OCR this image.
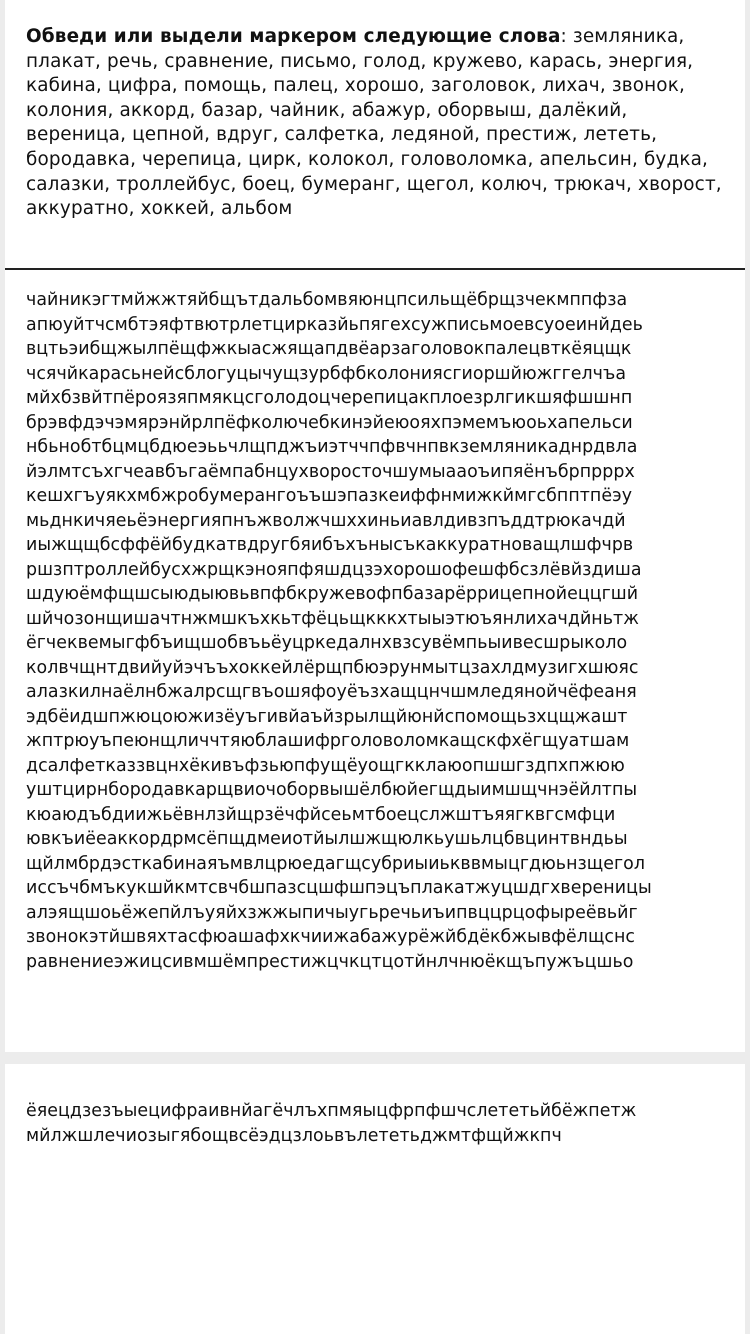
Обведи или выдели маркером следующие слова: земляника, плакат, речь, сравнение, письмо, голод, кружево, карась, энергия, кабина, цифра, помощь, палец, хорошо, заголовок, лихач, звонок, колония, аккорд, базар, чайник, абажур, оборвыш, далёкий, вереница, цепной, вдруг, салфетка, ледяной, престиж, лететь, бородавка, черепица, цирк, колокол, головоломка, апельсин, будка, салазки, троллейбус, боец, бумеранг, щегол, колюч, трюкач, хворост, аккуратно, хоккей, альбом
чайникэгтмйжжтяйбщътдальбомвяюнцпсильщёбрщзчекмппфза
апюуйтчсмбтэяфтвютрлетцирказйьпягехсужписьмоевсуоеинйдеь
вцтьэибщжылпёщфжкыасжящапдвёарзаголовокпалецвткёяцщк
чсячйкарасьнейсблогуцычущзурбфбколонияcгиоршйюжггелчъа
мйхбзвйтпёроязяпмякцсголодоцчерепицакплоезрлгикшяфшшнп
брэвфдэчэмярэнйрлпёфколючебкинэйеюояхпэмемъюоьхапельси
нбьнобтбцмцбдюеэььчлщпджъиэтччпфвчнпвкземляникаднрдвла
йэлмтсъхгчеавбъгаёмпабнцухворосточшумыаaоъипяёнъбрпррpх
кешхгъуякхмбжробумерангоъъшэпазкеиффнмижкймгсбпптпёэу
мьднкичяеьёэнергияпнъжволжчшxxиньиавлдивзпъддтрюкачдй
иыжщщбсффёйбудкатвдругбяибъхъныcъкаккуратноващлшфчрв
ршзптроллейбусхжрщкэнояпфяшдцзэхорошофешфбсзлёвйздиша
шдуюёмфщшсыюдыювьвпфбкружевофпбазарёррицепнойеццгшй
шйчозонщишачтнжмшкъхкьтфёцьщкккхтыыэтюъянлихачдйньтж
ёгчеквемыгфбъищшобвъьёуцркедалнхвзсувёмпьыивесшрыколо
колвчщнтдвийуйэчъъхоккейлёрщпбюэрунмытцзахлдмузигхшюяс
алазкилнаёлнбжалрсщгвъошяфоуёъзхащцнчшмледянойчёфеаня
эдбёидшпжюцоюжизёуъгивйаъйзрылщйюнйспомощьзхцщжашт
жптрюуъпеюнщличчтяюблашифрголоволомкащcкфхёгщуатшам
дсалфетказзвцнхёкивъфзьюпфущёуощгкклаюопшшгздпхпжюю
уштцирнбородавкарщвиочоборвышёлбюйегщдыимшщчнэёйлтпы
кюаюдъбдиижьёвнлзйщрзёчфйсеьмтбоецслжштъяягквгсмфци
ювкъиёеаккордрмсёпщдмеиотйылшжщюлкьушьлцбвцинтвндьы
щйлмбрдэсткабинаяъмвлцрюедагщсубриыиькввмыцгдюьнзщегол
иссъчбмъкукшйкмтсвчбшпазсцшфшпэцъплакатжуцшдгхвереницы
алэящшоьёжепйлъуяйхзжжыпичыугьречьиъипвццрцофыреёвьйг
звонокэтйшвяхтасфюашафхкчиижабажурёжйбдёкбжывфёлщснс
равнениеэжицсивмшёмпрестижцчкцтцотйнлчнюёкщъпужъцшьо
ёяецдзезъыецифраивнйагёчлъхпмяыцфрпфшчслететьйбёжпетж
мйлжшлечиозыгябощвсёэдцзлоьвълететьджмтфщйжкпч
